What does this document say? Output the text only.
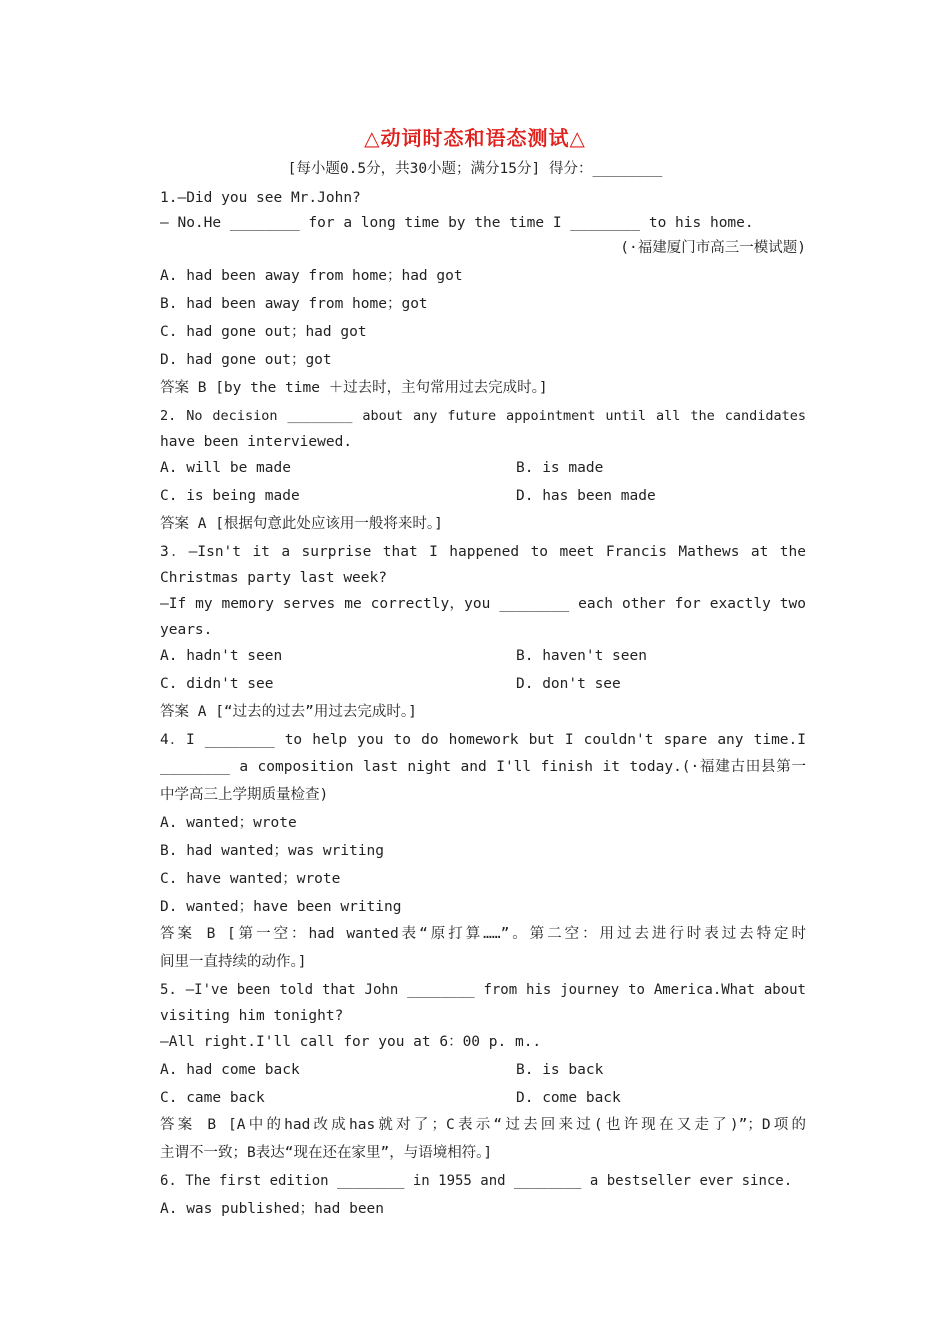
△动词时态和语态测试△
[每小题0.5分，共30小题；满分15分] 得分：________
1.—Did you see Mr.John?
— No.He ________ for a long time by the time I ________ to his home.
(·福建厦门市高三一模试题)
A. had been away from home；had got
B. had been away from home；got
C. had gone out；had got
D. had gone out；got
答案 B [by the time ＋过去时，主句常用过去完成时。]
2. No decision ________ about any future appointment until all the candidates
have been interviewed.
A. will be made	B. is made
C. is being made	D. has been made
答案 A [根据句意此处应该用一般将来时。]
3．—Isn't it a surprise that I happened to meet Francis Mathews at the
Christmas party last week?
—If my memory serves me correctly，you ________ each other for exactly two
years.
A. hadn't seen	B. haven't seen
C. didn't see	D. don't see
答案 A [“过去的过去”用过去完成时。]
4．I ________ to help you to do homework but I couldn't spare any time.I
________ a composition last night and I'll finish it today.(·福建古田县第一
中学高三上学期质量检查)
A. wanted；wrote
B. had wanted；was writing
C. have wanted；wrote
D. wanted；have been writing
答案 B [第一空：had wanted表“原打算……”。第二空：用过去进行时表过去特定时
间里一直持续的动作。]
5. —I've been told that John ________ from his journey to America.What about
visiting him tonight?
—All right.I'll call for you at 6：00 p. m..
A. had come back	B. is back
C. came back	D. come back
答案 B [A中的had改成has就对了；C表示“过去回来过(也许现在又走了)”；D项的
主谓不一致；B表达“现在还在家里”，与语境相符。]
6. The first edition ________ in 1955 and ________ a bestseller ever since.
A. was published；had been
